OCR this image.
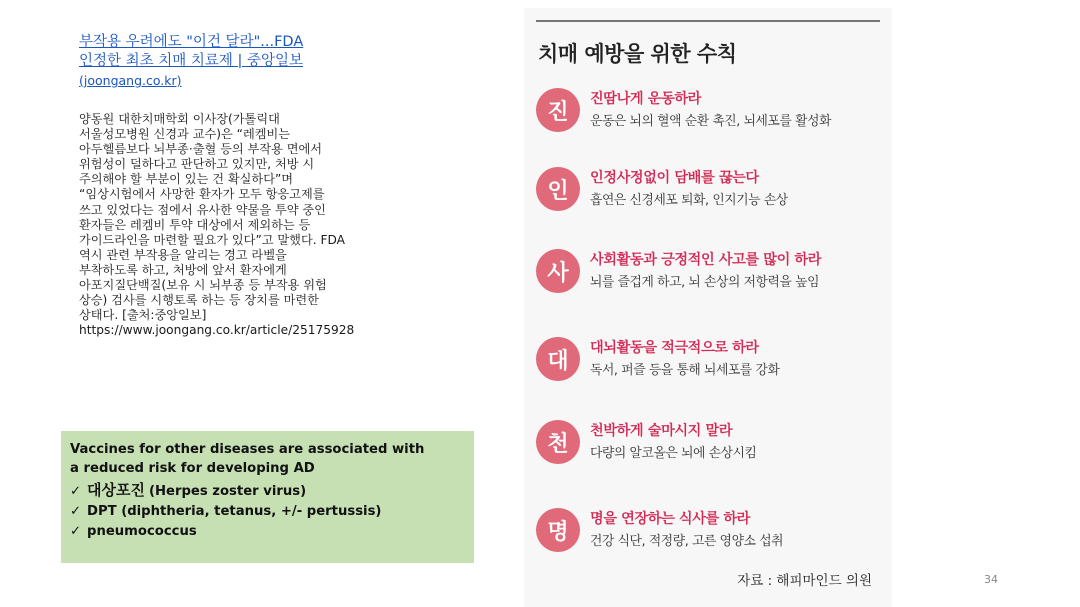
부작용 우려에도 "이건 달라"...FDA
인정한 최초 치매 치료제 | 중앙일보
(joongang.co.kr)

양동원 대한치매학회 이사장(가톨릭대

서울성모병원 신경과 교수)은 “레켐비는

아두헬름보다 뇌부종·출혈 등의 부작용 면에서

위험성이 덜하다고 판단하고 있지만, 처방 시

주의해야 할 부분이 있는 건 확실하다”며

“임상시험에서 사망한 환자가 모두 항응고제를

쓰고 있었다는 점에서 유사한 약물을 투약 중인

환자들은 레켐비 투약 대상에서 제외하는 등

가이드라인을 마련할 필요가 있다”고 말했다. FDA

역시 관련 부작용을 알리는 경고 라벨을

부착하도록 하고, 처방에 앞서 환자에게

아포지질단백질(보유 시 뇌부종 등 부작용 위험

상승) 검사를 시행토록 하는 등 장치를 마련한

상태다. [출처:중앙일보]

https://www.joongang.co.kr/article/25175928

Vaccines for other diseases are associated with
a reduced risk for developing AD
✓ 대상포진 (Herpes zoster virus)
✓ DPT (diphtheria, tetanus, +/- pertussis)
✓ pneumococcus
치매 예방을 위한 수칙
진
진땀나게 운동하라
운동은 뇌의 혈액 순환 촉진, 뇌세포를 활성화
인
인정사정없이 담배를 끊는다
흡연은 신경세포 퇴화, 인지기능 손상
사
사회활동과 긍정적인 사고를 많이 하라
뇌를 즐겁게 하고, 뇌 손상의 저항력을 높임
대
대뇌활동을 적극적으로 하라
독서, 퍼즐 등을 통해 뇌세포를 강화
천
천박하게 술마시지 말라
다량의 알코올은 뇌에 손상시킴
명
명을 연장하는 식사를 하라
건강 식단, 적정량, 고른 영양소 섭취
자료 : 해피마인드 의원	34
